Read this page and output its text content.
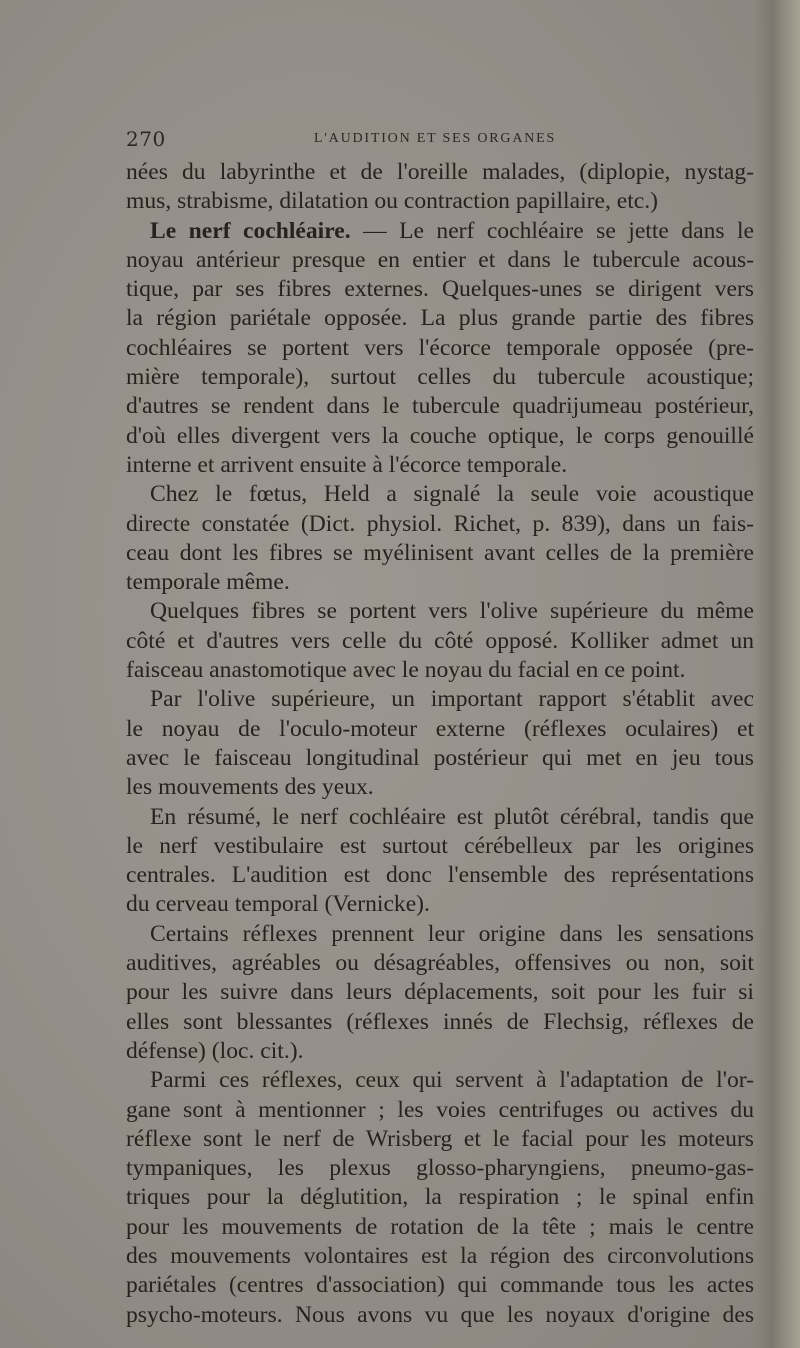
270	L'AUDITION ET SES ORGANES
nées du labyrinthe et de l'oreille malades, (diplopie, nystag-
mus, strabisme, dilatation ou contraction papillaire, etc.)
Le nerf cochléaire. — Le nerf cochléaire se jette dans le
noyau antérieur presque en entier et dans le tubercule acous-
tique, par ses fibres externes. Quelques-unes se dirigent vers
la région pariétale opposée. La plus grande partie des fibres
cochléaires se portent vers l'écorce temporale opposée (pre-
mière temporale), surtout celles du tubercule acoustique;
d'autres se rendent dans le tubercule quadrijumeau postérieur,
d'où elles divergent vers la couche optique, le corps genouillé
interne et arrivent ensuite à l'écorce temporale.
Chez le fœtus, Held a signalé la seule voie acoustique
directe constatée (Dict. physiol. Richet, p. 839), dans un fais-
ceau dont les fibres se myélinisent avant celles de la première
temporale même.
Quelques fibres se portent vers l'olive supérieure du même
côté et d'autres vers celle du côté opposé. Kolliker admet un
faisceau anastomotique avec le noyau du facial en ce point.
Par l'olive supérieure, un important rapport s'établit avec
le noyau de l'oculo-moteur externe (réflexes oculaires) et
avec le faisceau longitudinal postérieur qui met en jeu tous
les mouvements des yeux.
En résumé, le nerf cochléaire est plutôt cérébral, tandis que
le nerf vestibulaire est surtout cérébelleux par les origines
centrales. L'audition est donc l'ensemble des représentations
du cerveau temporal (Vernicke).
Certains réflexes prennent leur origine dans les sensations
auditives, agréables ou désagréables, offensives ou non, soit
pour les suivre dans leurs déplacements, soit pour les fuir si
elles sont blessantes (réflexes innés de Flechsig, réflexes de
défense) (loc. cit.).
Parmi ces réflexes, ceux qui servent à l'adaptation de l'or-
gane sont à mentionner ; les voies centrifuges ou actives du
réflexe sont le nerf de Wrisberg et le facial pour les moteurs
tympaniques, les plexus glosso-pharyngiens, pneumo-gas-
triques pour la déglutition, la respiration ; le spinal enfin
pour les mouvements de rotation de la tête ; mais le centre
des mouvements volontaires est la région des circonvolutions
pariétales (centres d'association) qui commande tous les actes
psycho-moteurs. Nous avons vu que les noyaux d'origine des
